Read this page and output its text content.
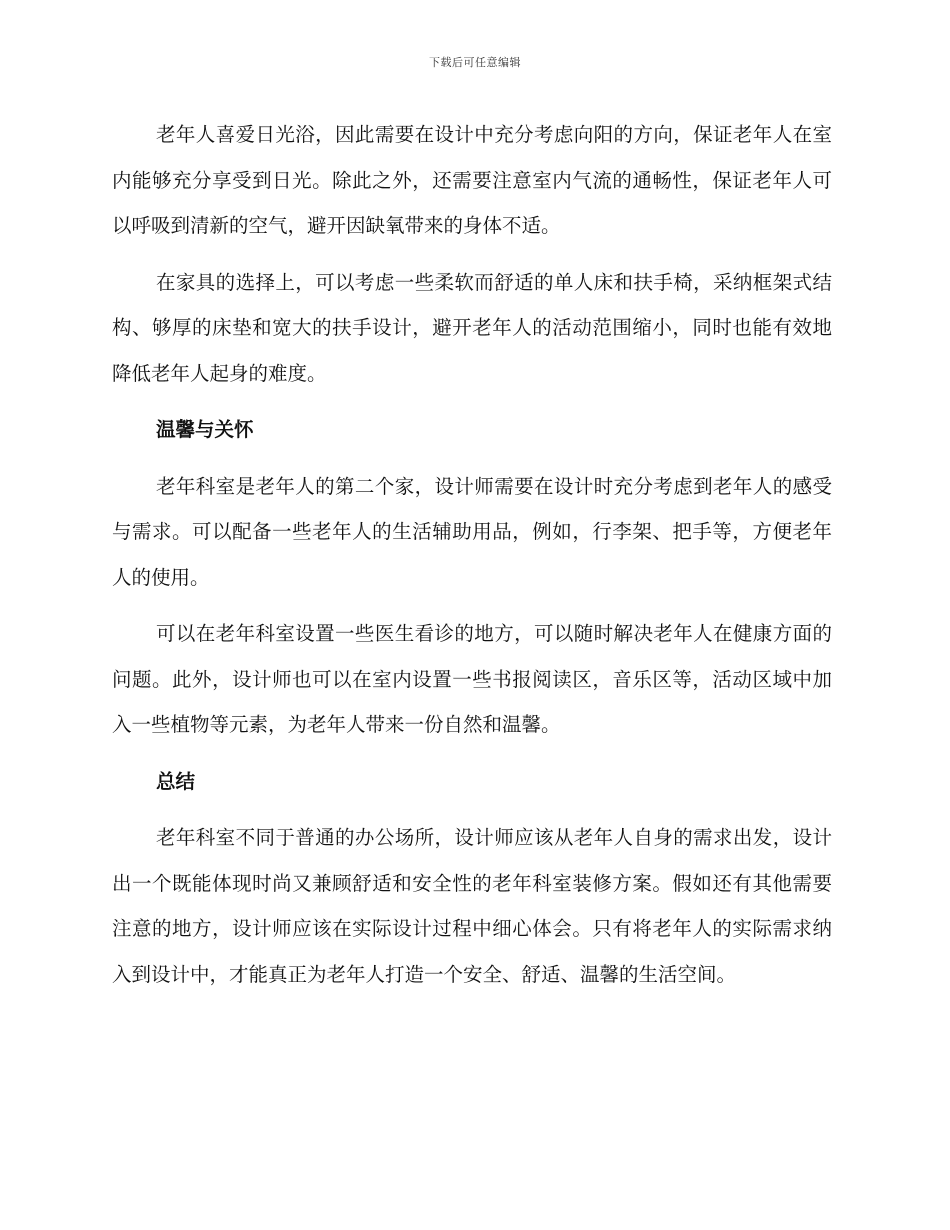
下载后可任意编辑

老年人喜爱日光浴，因此需要在设计中充分考虑向阳的方向，保证老年人在室内能够充分享受到日光。除此之外，还需要注意室内气流的通畅性，保证老年人可以呼吸到清新的空气，避开因缺氧带来的身体不适。

在家具的选择上，可以考虑一些柔软而舒适的单人床和扶手椅，采纳框架式结构、够厚的床垫和宽大的扶手设计，避开老年人的活动范围缩小，同时也能有效地降低老年人起身的难度。

温馨与关怀

老年科室是老年人的第二个家，设计师需要在设计时充分考虑到老年人的感受与需求。可以配备一些老年人的生活辅助用品，例如，行李架、把手等，方便老年人的使用。

可以在老年科室设置一些医生看诊的地方，可以随时解决老年人在健康方面的问题。此外，设计师也可以在室内设置一些书报阅读区，音乐区等，活动区域中加入一些植物等元素，为老年人带来一份自然和温馨。

总结

老年科室不同于普通的办公场所，设计师应该从老年人自身的需求出发，设计出一个既能体现时尚又兼顾舒适和安全性的老年科室装修方案。假如还有其他需要注意的地方，设计师应该在实际设计过程中细心体会。只有将老年人的实际需求纳入到设计中，才能真正为老年人打造一个安全、舒适、温馨的生活空间。
